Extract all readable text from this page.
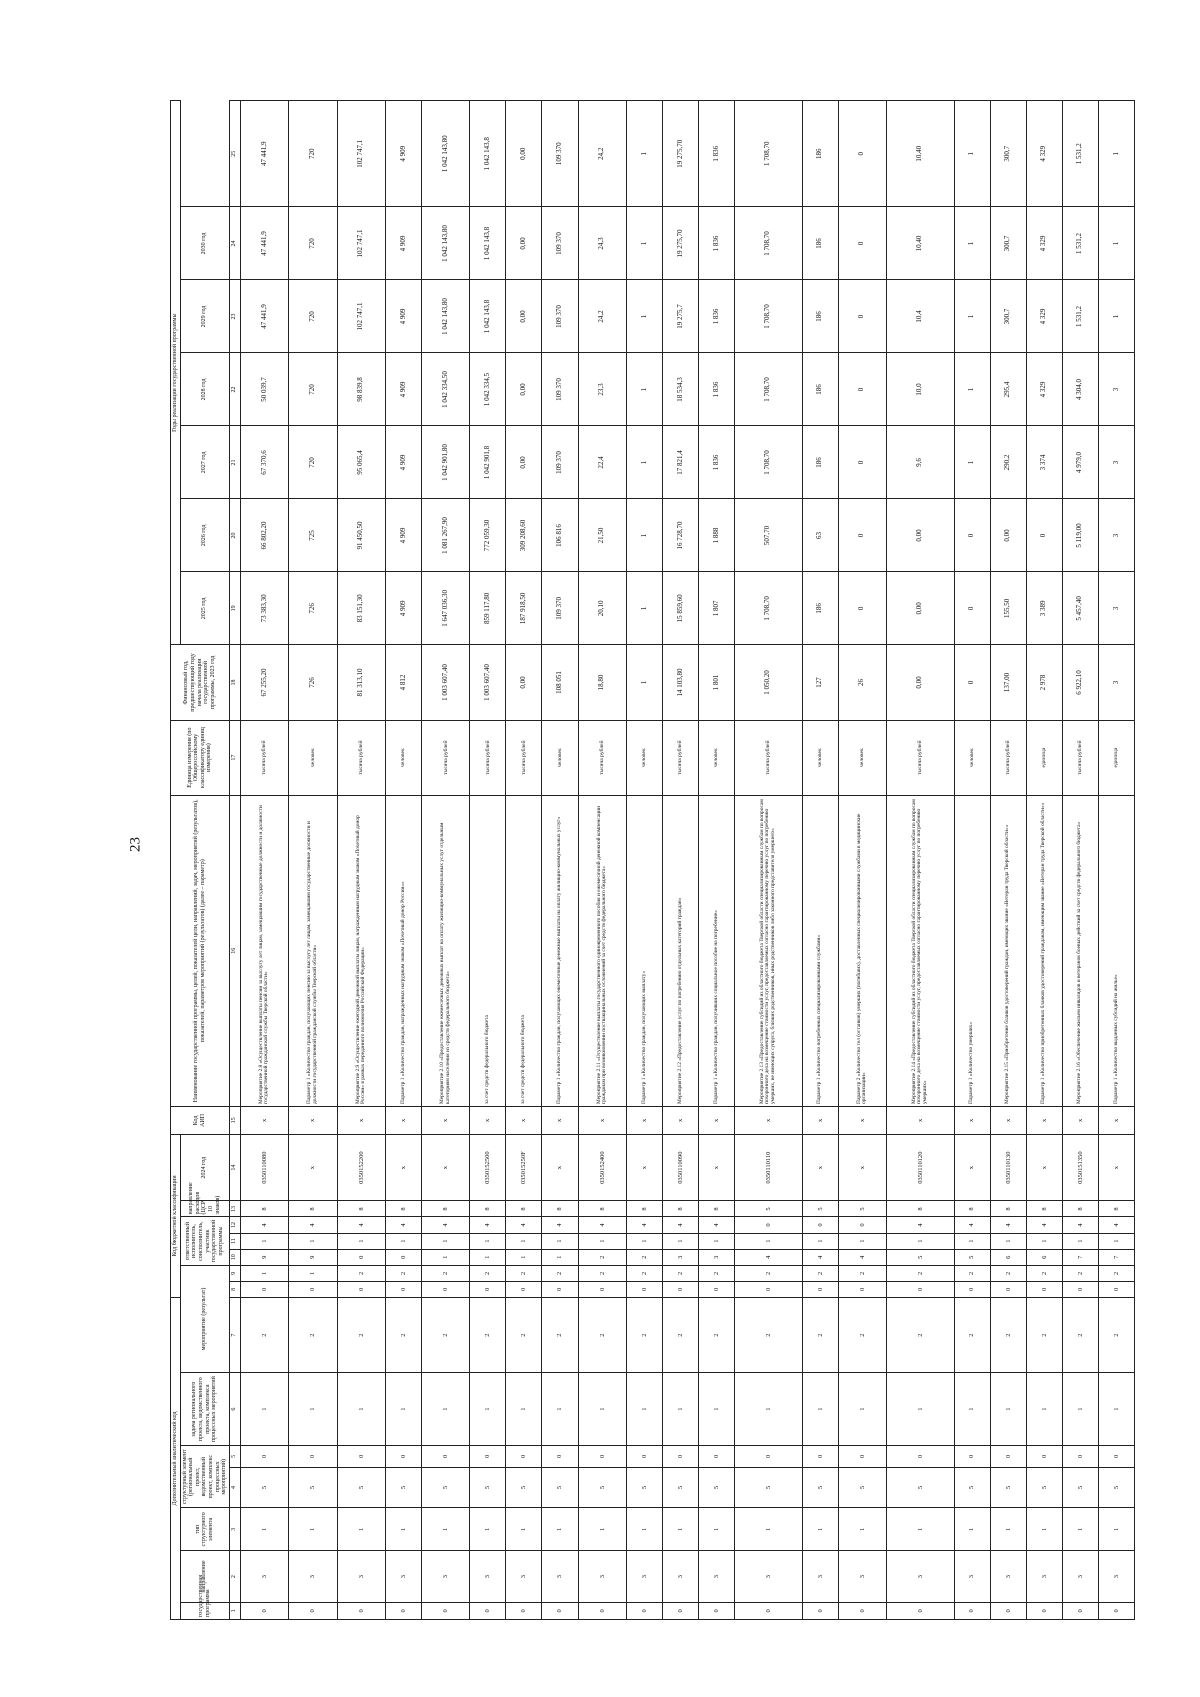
23
Дополнительный аналитический код							Код бюджетной классификации							Код АИП	Наименование государственной программы, целей, показателей цели, направлений, задач, мероприятий (результатов), показателей, параметров мероприятий (результатов) (далее – параметр)	Единица измерения (по Общероссийскому классификатору единиц измерения)	Финансовый год, предшествующий году начала реализации государственной программы, 2023 год	Годы реализации государственной программы						
государственная программа	направление	тип структурного элемента	структурный элемент (региональный проект, ведомственный проект, комплекс процессных мероприятий)		задача регионального проекта, ведомственного проекта, комплекса процессных мероприятий	мероприятие (результат)			ответственный исполнитель, соисполнитель, участник государственной программы			направление расходов (ЦСР 10 знаков)	2024 год					2025 год	2026 год	2027 год	2028 год	2029 год	2030 год	
1	2	3	4	5	6	7	8	9	10	11	12	13	14	15	16	17	18	19	20	21	22	23	24	25
0	3	1	5	0	1	2	0	1	9	1	4	8	0350110080	x	Мероприятие 2.8 «Осуществление выплаты пенсии за выслугу лет лицам, замещавшим государственные должности и должности государственной гражданской службы Тверской области»	тысяча рублей	67 255,20	73 383,30	66 802,20	67 370,6	50 039,7	47 441,9	47 441,9	47 441,9
0	3	1	5	0	1	2	0	1	9	1	4	8	x	x	Параметр 1 «Количество граждан, получающих пенсию за выслугу лет лицам, замещавшим государственные должности и должности государственной гражданской службы Тверской области»	человек	726	726	725	720	720	720	720	720
0	3	1	5	0	1	2	0	2	0	1	4	8	0350152200	x	Мероприятие 2.9 «Осуществление ежегодной денежной выплаты лицам, награжденным нагрудным знаком «Почетный донор России» в рамках переданного полномочия Российской Федерации»	тысяча рублей	81 313,10	83 151,30	91 450,50	95 065,4	98 839,8	102 747,1	102 747,1	102 747,1
0	3	1	5	0	1	2	0	2	0	1	4	8	x	x	Параметр 1 «Количество граждан, награжденных нагрудным знаком «Почетный донор России»»	человек	4 812	4 909	4 909	4 909	4 909	4 909	4 909	4 909
0	3	1	5	0	1	2	0	2	1	1	4	8	x	x	Мероприятие 2.10 «Предоставление ежемесячных денежных выплат на оплату жилищно-коммунальных услуг отдельным категориям населения из средств федерального бюджета»	тысяча рублей	1 003 607,40	1 647 036,30	1 081 267,90	1 042 901,80	1 042 334,50	1 042 143,80	1 042 143,80	1 042 143,80
0	3	1	5	0	1	2	0	2	1	1	4	8	0350152500	x	за счет средств федерального бюджета	тысяча рублей	1 003 607,40	859 117,80	772 059,30	1 042 901,8	1 042 334,5	1 042 143,8	1 042 143,8	1 042 143,8
0	3	1	5	0	1	2	0	2	1	1	4	8	035015250F	x	за счет средств федерального бюджета	тысяча рублей	0,00	187 918,50	309 208,60	0,00	0,00	0,00	0,00	0,00
0	3	1	5	0	1	2	0	2	1	1	4	8	x	x	Параметр 1 «Количество граждан, получающих ежемесячные денежные выплаты на оплату жилищно-коммунальных услуг»	человек	108 051	109 370	106 816	109 370	109 370	109 370	109 370	109 370
0	3	1	5	0	1	2	0	2	2	1	4	8	0350152400	x	Мероприятие 2.11 «Осуществление выплаты государственного единовременного пособия и ежемесячной денежной компенсации гражданам при возникновении поствакцинальных осложнений за счет средств федерального бюджета»	тысяча рублей	18,80	20,10	21,50	22,4	23,3	24,2	24,3	24,2
0	3	1	5	0	1	2	0	2	2	1	4	8	x	x	Параметр 1 «Количество граждан, получающих выплату»	человек	1	1	1	1	1	1	1	1
0	3	1	5	0	1	2	0	2	3	1	4	8	0350110090	x	Мероприятие 2.12 «Предоставление услуг по погребению отдельных категорий граждан»	тысяча рублей	14 103,80	15 859,60	16 728,70	17 821,4	18 534,3	19 275,7	19 275,70	19 275,70
0	3	1	5	0	1	2	0	2	3	1	4	8	x	x	Параметр 1 «Количество граждан, получивших социальное пособие на погребение»	человек	1 801	1 807	1 888	1 836	1 836	1 836	1 836	1 836
0	3	1	5	0	1	2	0	2	4	1	0	5	0350110110	x	Мероприятие 2.13 «Предоставление субсидий из областного бюджета Тверской области специализированным службам по вопросам похоронного дела на возмещение стоимости услуг, предоставляемых согласно гарантированному перечню услуг по погребению умерших, не имеющих супруга, близких родственников, иных родственников либо законного представителя умершего»	тысяча рублей	1 050,20	1 708,70	507,70	1 708,70	1 708,70	1 708,70	1 708,70	1 708,70
0	3	1	5	0	1	2	0	2	4	1	0	5	x	x	Параметр 1 «Количество погребенных специализированными службами»	человек	127	186	63	186	186	186	186	186
0	3	1	5	0	1	2	0	2	4	1	0	5	x	x	Параметр 2 «Количество тел (останков) умерших (погибших), доставленных специализированными службами в медицинские организации»	человек	26	0	0	0	0	0	0	0
0	3	1	5	0	1	2	0	2	5	1	4	8	0350110120	x	Мероприятие 2.14 «Предоставление субсидий из областного бюджета Тверской области специализированным службам по вопросам похоронного дела на возмещение стоимости услуг, предоставляемых согласно гарантированному перечню услуг по погребению умерших»	тысяча рублей	0,00	0,00	0,00	9,6	10,0	10,4	10,40	10,40
0	3	1	5	0	1	2	0	2	5	1	4	8	x	x	Параметр 1 «Количество умерших»	человек	0	0	0	1	1	1	1	1
0	3	1	5	0	1	2	0	2	6	1	4	8	0350110130	x	Мероприятие 2.15 «Приобретение бланков удостоверений граждан, имеющих звание «Ветеран труда Тверской области»»	тысяча рублей	137,00	155,50	0,00	290,2	295,4	300,7	300,7	300,7
0	3	1	5	0	1	2	0	2	6	1	4	8	x	x	Параметр 1 «Количество приобретенных бланков удостоверений гражданам, имеющим звание «Ветеран труда Тверской области»»	единица	2 978	3 389	0	3 374	4 329	4 329	4 329	4 329
0	3	1	5	0	1	2	0	2	7	1	4	8	0350151350	x	Мероприятие 2.16 «Обеспечение жильем инвалидов и ветеранов боевых действий за счет средств федерального бюджета»	тысяча рублей	6 922,10	5 457,40	5 119,00	4 979,0	4 304,0	1 531,2	1 531,2	1 531,2
0	3	1	5	0	1	2	0	2	7	1	4	8	x	x	Параметр 1 «Количество выданных субсидий на жилье»	единица	3	3	3	3	3	1	1	1
